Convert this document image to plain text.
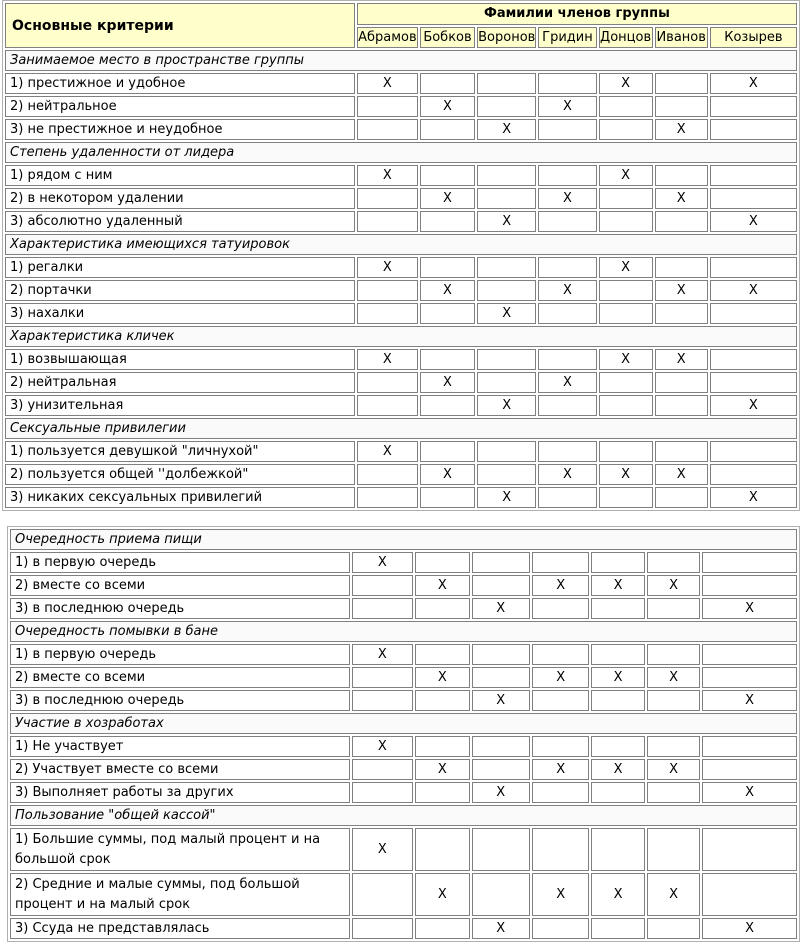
Основные критерии	Фамилии членов группы						
	Абрамов	Бобков	Воронов	Гридин	Донцов	Иванов	Козырев
Занимаемое место в пространстве группы							
1) престижное и удобное	X				X		X
2) нейтральное		X		X			
3) не престижное и неудобное			X			X	
Степень удаленности от лидера							
1) рядом с ним	X				X		
2) в некотором удалении		X		X		X	
3) абсолютно удаленный			X				X
Характеристика имеющихся татуировок							
1) регалки	X				X		
2) портачки		X		X		X	X
3) нахалки			X				
Характеристика кличек							
1) возвышающая	X				X	X	
2) нейтральная		X		X			
3) унизительная			X				X
Сексуальные привилегии							
1) пользуется девушкой "личнухой"	X						
2) пользуется общей ''долбежкой"		X		X	X	X	
3) никаких сексуальных привилегий			X				X
Очередность приема пищи							
1) в первую очередь	X						
2) вместе со всеми		X		X	X	X	
3) в последнюю очередь			X				X
Очередность помывки в бане							
1) в первую очередь	X						
2) вместе со всеми		X		X	X	X	
3) в последнюю очередь			X				X
Участие в хозработах							
1) Не участвует	X						
2) Участвует вместе со всеми		X		X	X	X	
3) Выполняет работы за других			X				X
Пользование "общей кассой"							
1) Большие суммы, под малый процент и на большой срок	X						
2) Средние и малые суммы, под большой процент и на малый срок		X		X	X	X	
3) Ссуда не представлялась			X				X
